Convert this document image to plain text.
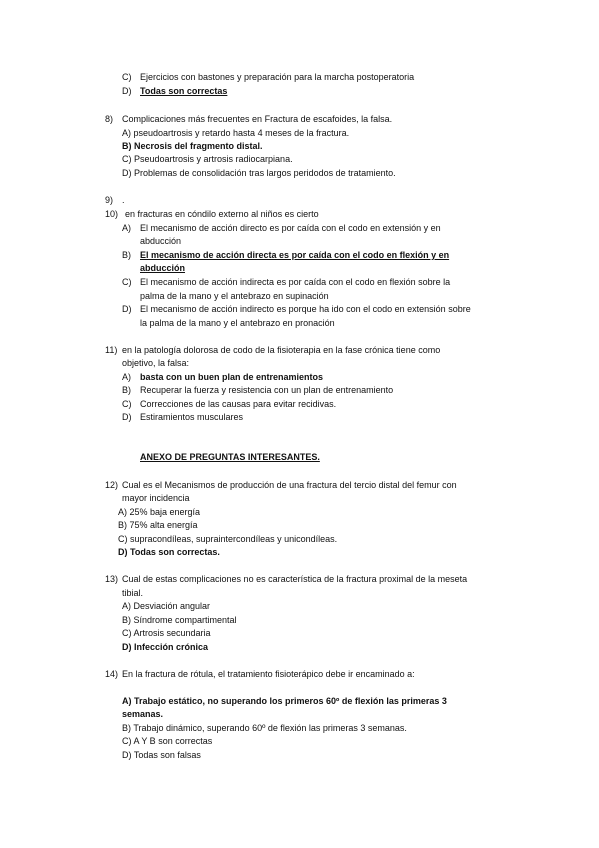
C) Ejercicios con bastones y preparación para la marcha postoperatoria
D) Todas son correctas
8) Complicaciones más frecuentes en Fractura de escafoides, la falsa.
A) pseudoartrosis y retardo hasta 4 meses de la fractura.
B) Necrosis del fragmento distal.
C) Pseudoartrosis y artrosis radiocarpiana.
D) Problemas de consolidación tras largos peridodos de tratamiento.
9) .
10) en fracturas en cóndilo externo al niños es cierto
A) El mecanismo de acción directo es por caída con el codo en extensión y en
abducción
B) El mecanismo de acción directa es por caída con el codo en flexión y en
abducción
C) El mecanismo de acción indirecta es por caída con el codo en flexión sobre la
palma de la mano y el antebrazo en supinación
D) El mecanismo de acción indirecto es porque ha ido con el codo en extensión sobre
la palma de la mano y el antebrazo en pronación
11) en la patología dolorosa de codo de la fisioterapia en la fase crónica tiene como
objetivo, la falsa:
A) basta con un buen plan de entrenamientos
B) Recuperar la fuerza y resistencia con un plan de entrenamiento
C) Correcciones de las causas para evitar recidivas.
D) Estiramientos musculares
ANEXO DE PREGUNTAS INTERESANTES.
12) Cual es el Mecanismos de producción de una fractura del tercio distal del femur con
mayor incidencia
A) 25% baja energía
B) 75% alta energía
C) supracondíleas, supraintercondíleas y unicondíleas.
D) Todas son correctas.
13) Cual de estas complicaciones no es característica de la fractura proximal de la meseta
tibial.
A) Desviación angular
B) Síndrome compartimental
C) Artrosis secundaria
D) Infección crónica
14) En la fractura de rótula, el tratamiento fisioterápico debe ir encaminado a:
A) Trabajo estático, no superando los primeros 60º de flexión las primeras 3
semanas.
B) Trabajo dinámico, superando 60º de flexión las primeras 3 semanas.
C) A Y B son correctas
D) Todas son falsas
